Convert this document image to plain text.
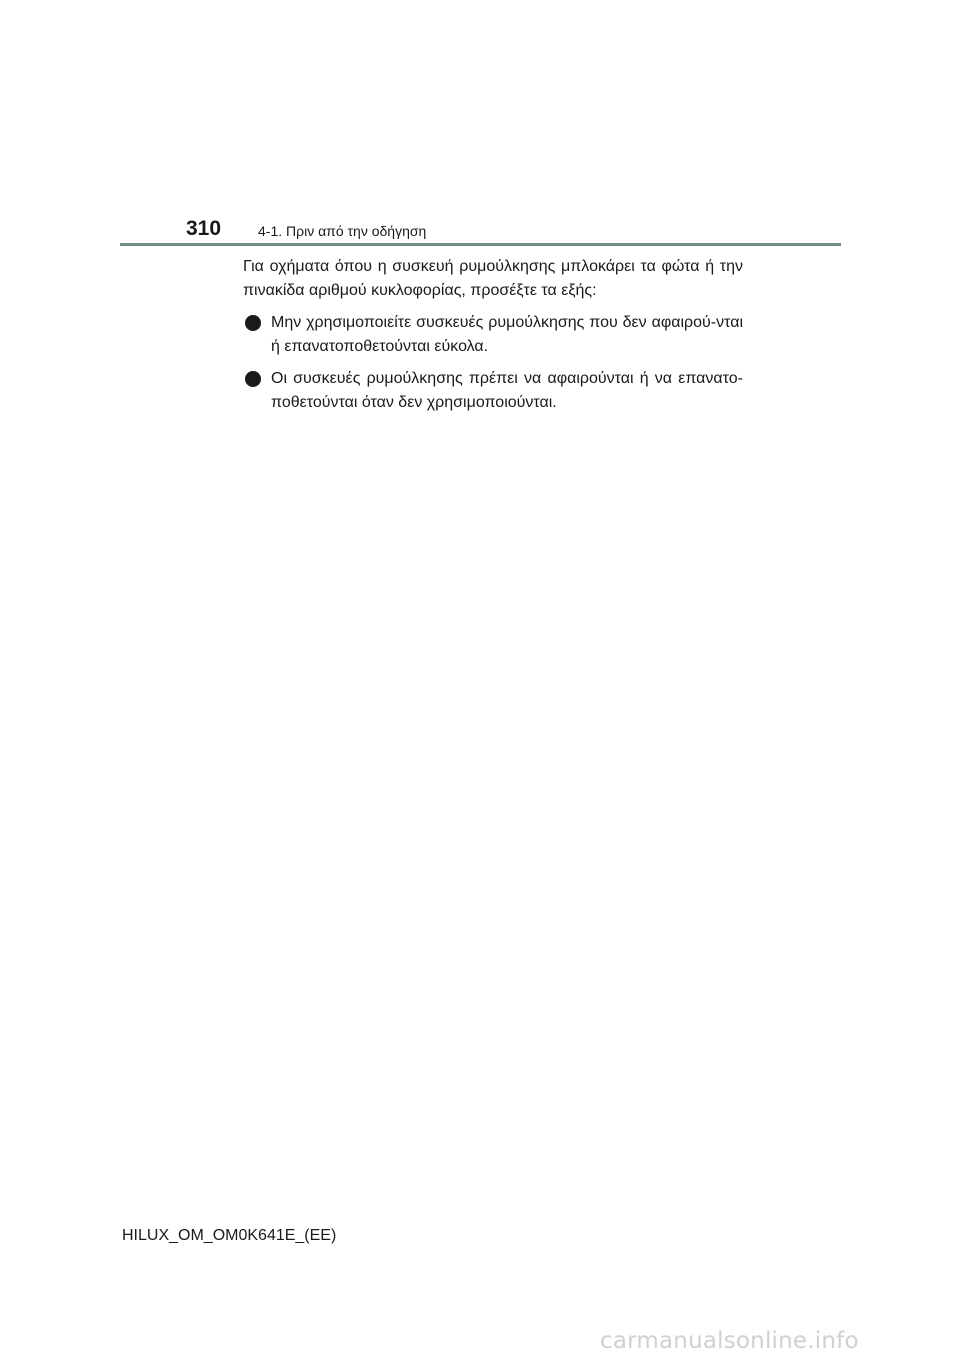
310	4-1. Πριν από την οδήγηση

Για οχήματα όπου η συσκευή ρυμούλκησης μπλοκάρει τα φώτα ή την πινακίδα αριθμού κυκλοφορίας, προσέξτε τα εξής:

Μην χρησιμοποιείτε συσκευές ρυμούλκησης που δεν αφαιρού-νται ή επανατοποθετούνται εύκολα.
Οι συσκευές ρυμούλκησης πρέπει να αφαιρούνται ή να επανατο-ποθετούνται όταν δεν χρησιμοποιούνται.
HILUX_OM_OM0K641E_(EE)
carmanualsonline.info
